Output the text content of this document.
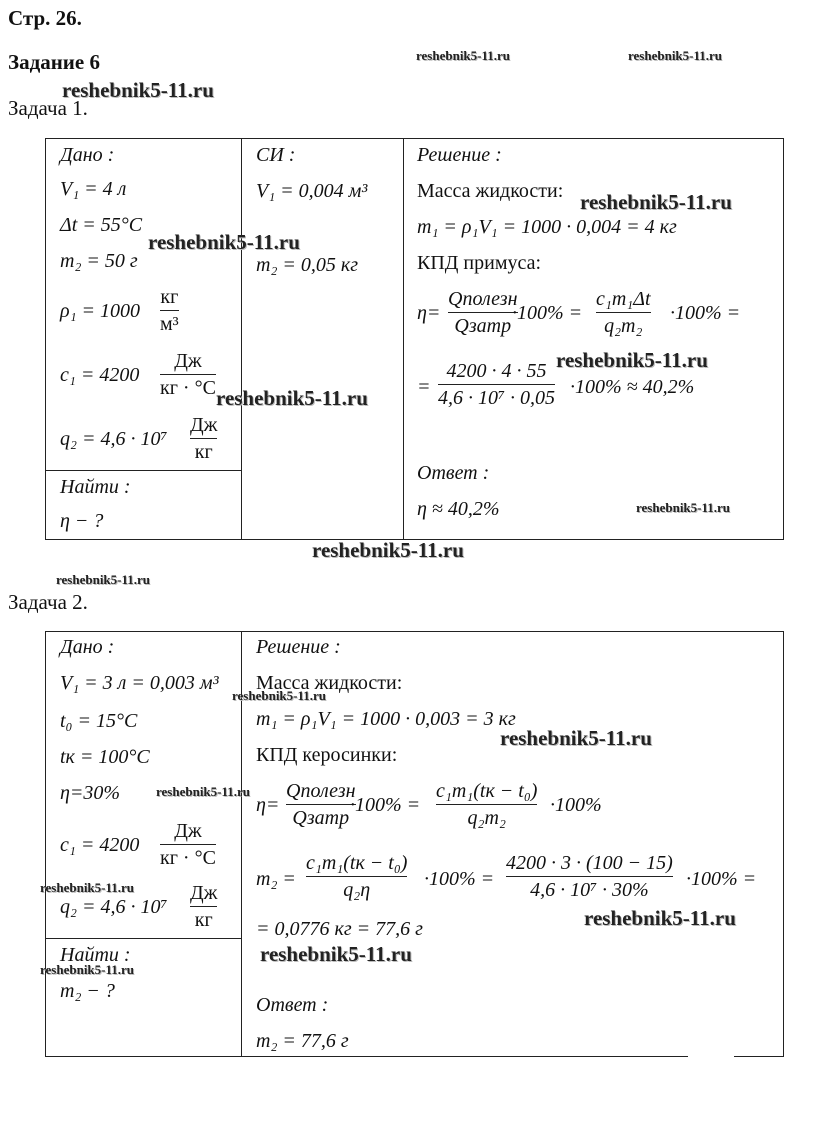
Стр. 26.
Задание 6
Задача 1.
Дано :
V₁ = 4 л
Δt = 55°C
m₂ = 50 г
ρ₁ = 1000
кг
м³
c₁ = 4200
Дж
кг · °C
q₂ = 4,6 · 10⁷
Дж
кг
Найти :
η − ?
СИ :
V₁ = 0,004 м³
m₂ = 0,05 кг
Решение :
Масса жидкости:
m₁ = ρ₁V₁ = 1000 · 0,004 = 4 кг
КПД примуса:
η=
Qполезн
Qзатр
·100% =
c₁m₁Δt
q₂m₂
·100% =
=
4200 · 4 · 55
4,6 · 10⁷ · 0,05 ·100% ≈ 40,2%
Ответ :
η ≈ 40,2%
Задача 2.
Дано :
V₁ = 3 л = 0,003 м³
t₀ = 15°C
tк = 100°C
η=30%
c₁ = 4200
Дж
кг · °C
q₂ = 4,6 · 10⁷
Дж
кг
Найти :
m₂ − ?
Решение :
Масса жидкости:
m₁ = ρ₁V₁ = 1000 · 0,003 = 3 кг
КПД керосинки:
η=
Qполезн
Qзатр
·100% =
c₁m₁(tк − t₀)
q₂m₂
·100%
m₂ =
c₁m₁(tк − t₀)
q₂η	·100% =
4200 · 3 · (100 − 15)
4,6 · 10⁷ · 30% ·100% =
= 0,0776 кг = 77,6 г
Ответ :
m₂ = 77,6 г
reshebnik5-11.ru	reshebnik5-11.ru
reshebnik5-11.ru
reshebnik5-11.ru
reshebnik5-11.ru
reshebnik5-11.ru
reshebnik5-11.ru
reshebnik5-11.ru
reshebnik5-11.ru
reshebnik5-11.ru
reshebnik5-11.ru
reshebnik5-11.ru
reshebnik5-11.ru
reshebnik5-11.ru
reshebnik5-11.ru
reshebnik5-11.ru
reshebnik5-11.ru
